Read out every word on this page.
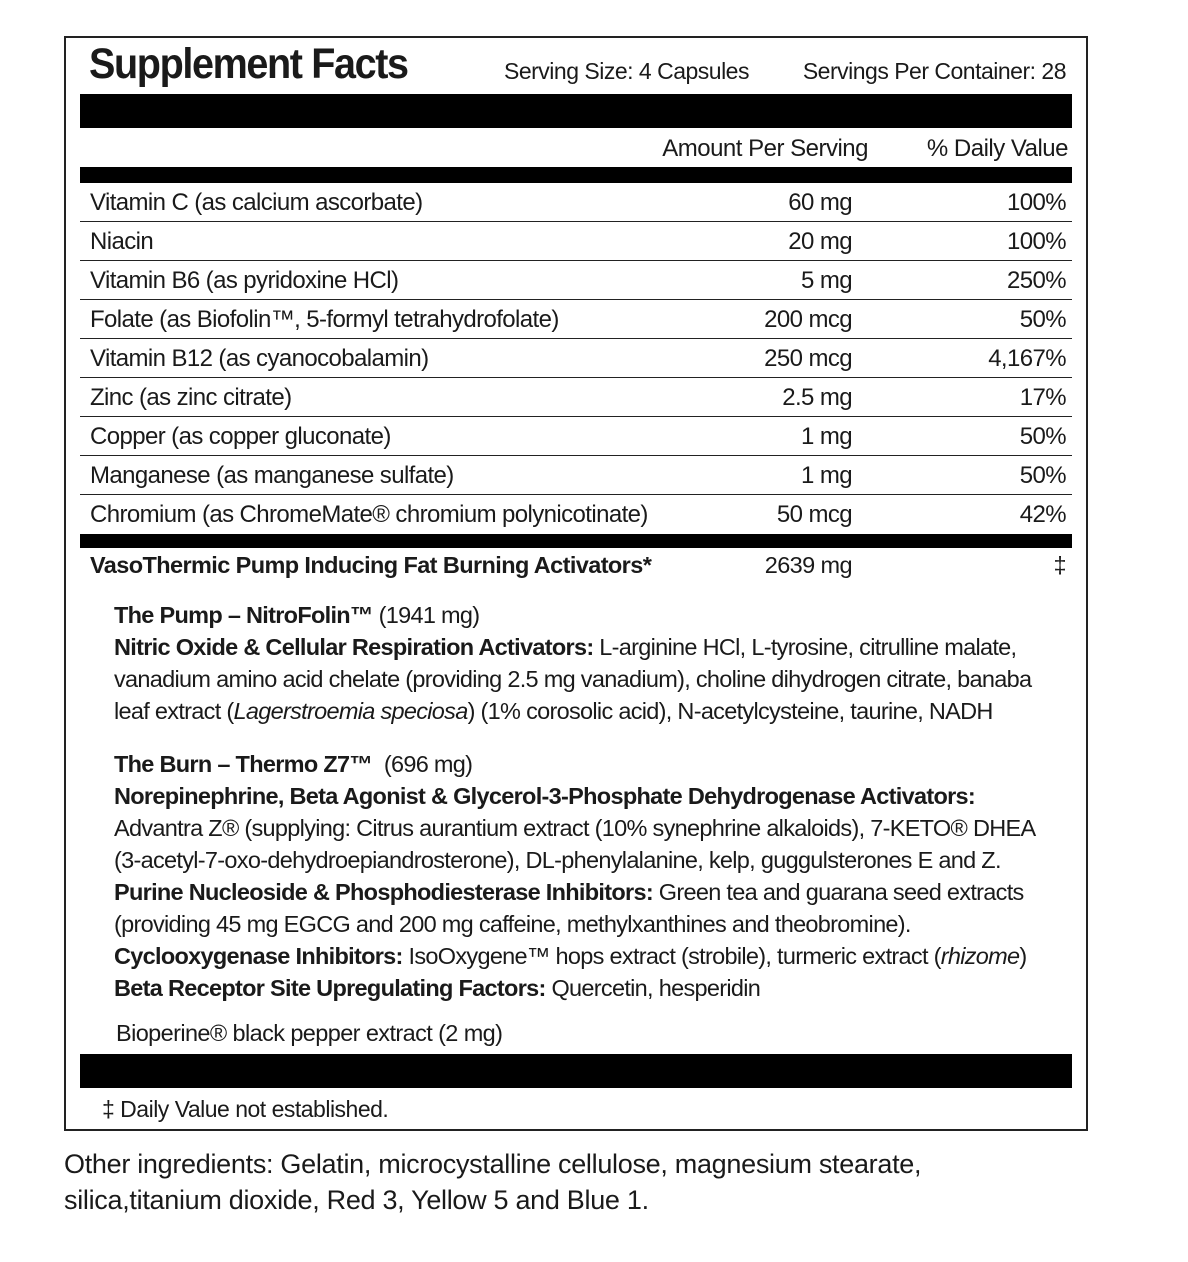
Supplement Facts	Serving Size: 4 Capsules Servings Per Container: 28
Amount Per Serving % Daily Value
Vitamin C (as calcium ascorbate)	60 mg	100%
Niacin	20 mg	100%
Vitamin B6 (as pyridoxine HCl)	5 mg	250%
Folate (as Biofolin™, 5-formyl tetrahydrofolate)	200 mcg	50%
Vitamin B12 (as cyanocobalamin)	250 mcg	4,167%
Zinc (as zinc citrate)	2.5 mg	17%
Copper (as copper gluconate)	1 mg	50%
Manganese (as manganese sulfate)	1 mg	50%
Chromium (as ChromeMate® chromium polynicotinate)	50 mcg	42%
VasoThermic Pump Inducing Fat Burning Activators*	2639 mg	‡

The Pump – NitroFolin™ (1941 mg)

Nitric Oxide & Cellular Respiration Activators: L-arginine HCl, L-tyrosine, citrulline malate,

vanadium amino acid chelate (providing 2.5 mg vanadium), choline dihydrogen citrate, banaba

leaf extract (Lagerstroemia speciosa) (1% corosolic acid), N-acetylcysteine, taurine, NADH

The Burn – Thermo Z7™  (696 mg)

Norepinephrine, Beta Agonist & Glycerol-3-Phosphate Dehydrogenase Activators:

Advantra Z® (supplying: Citrus aurantium extract (10% synephrine alkaloids), 7-KETO® DHEA

(3-acetyl-7-oxo-dehydroepiandrosterone), DL-phenylalanine, kelp, guggulsterones E and Z.

Purine Nucleoside & Phosphodiesterase Inhibitors: Green tea and guarana seed extracts

(providing 45 mg EGCG and 200 mg caffeine, methylxanthines and theobromine).

Cyclooxygenase Inhibitors: IsoOxygene™ hops extract (strobile), turmeric extract (rhizome)

Beta Receptor Site Upregulating Factors: Quercetin, hesperidin

Bioperine® black pepper extract (2 mg)
‡ Daily Value not established.

Other ingredients: Gelatin, microcystalline cellulose, magnesium stearate,

silica,titanium dioxide, Red 3, Yellow 5 and Blue 1.
